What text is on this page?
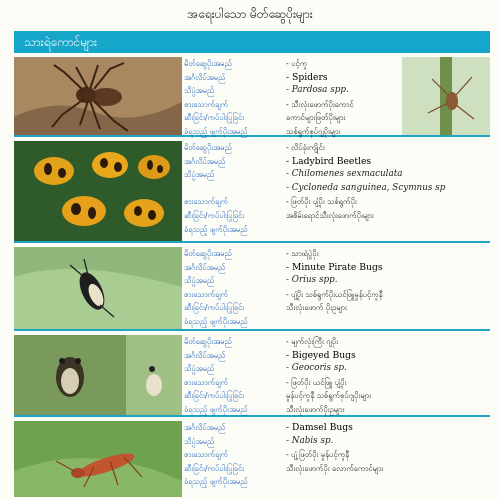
အရေးပါသော မိတ်ဆွေပိုးများ
သားရဲကောင်များ
မိတ်ဆွေပိုးအမည်	- ပင့်ကူ
အင်္ဂလိပ်အမည်	- Spiders
သိပ္ပံအမည်	- Pardosa spp.
စားသောက်ချက်	- သီးလုံးဖောက်ပိုးကောင်
ဆီးခြင်း/ကပ်ပါးပြုခြင်း	ကောင်များဖြတ်ပိုးများ
ခံရသည့် ဖျက်ပိုးအမည်	သစ်ရွက်စုပ်ဂျပိုးများ
မိတ်ဆွေပိုးအမည်	- လိပ်ခုံးကျိုင်း
အင်္ဂလိပ်အမည်	- Ladybird Beetles
သိပ္ပံအမည်	- Chilomenes sexmaculata
- Cycloneda sanguinea, Scymnus sp
စားသောက်ချက်	- ဖြတ်ပိုး ပျံ့ပိုး သစ်ရွက်ပိုး
ဆီးခြင်း/ကပ်ပါးပြုခြင်း	အစိမ်းရောင်သီးလုံးဖောက်ပိုးများ
ခံရသည့် ဖျက်ပိုးအမည်
မိတ်ဆွေပိုးအမည်	- သားရဲပွဲပိုး
အင်္ဂလိပ်အမည်	- Minute Pirate Bugs
သိပ္ပံအမည်	- Orius spp.
စားသောက်ချက်	- ပျံ့ပိုး သစ်ရွက်ပိုးယင်ဖြူမှုန်ပင့်ကူနီ
ဆီးခြင်း/ကပ်ပါးပြုခြင်း	သီးလုံးဖောက် ပိုးဥများ
ခံရသည့် ဖျက်ပိုးအမည်
မိတ်ဆွေပိုးအမည်	- မျက်လုံးကြီး ဂျပိုး
အင်္ဂလိပ်အမည်	- Bigeyed Bugs
သိပ္ပံအမည်	- Geocoris sp.
စားသောက်ချက်	- ဖြတ်ပိုး ယင်ဖြူ ပျံ့ပိုး
ဆီးခြင်း/ကပ်ပါးပြုခြင်း	မှုန်ပင့်ကူနီ သစ်ရွက်စုပ်ဂျပိုးများ
ခံရသည့် ဖျက်ပိုးအမည်	သီးလုံးဖောက်ပိုးဥများ
အင်္ဂလိပ်အမည်	- Damsel Bugs
သိပ္ပံအမည်	- Nabis sp.
စားသောက်ချက်	- ပျံ့ ဖြတ်ပိုး မှုန်ပင့်ကူနီ
ဆီးခြင်း/ကပ်ပါးပြုခြင်း	သီးလုံးဖောက်ပိုး လောက်ကောင်များ
ခံရသည့် ဖျက်ပိုးအမည်
